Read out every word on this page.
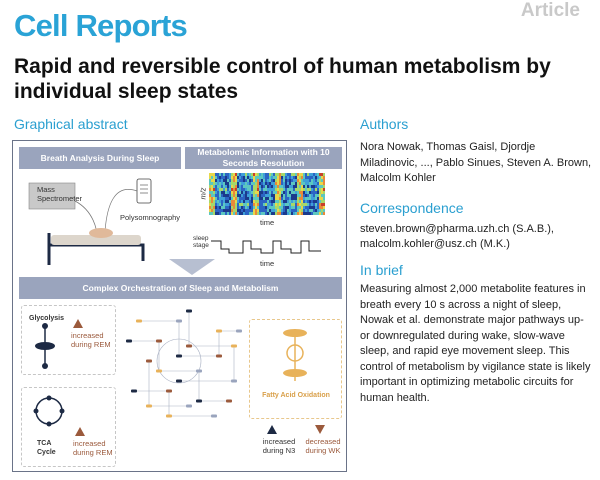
Cell Reports	Article
Rapid and reversible control of human metabolism by individual sleep states
Graphical abstract
Breath Analysis During Sleep
Metabolomic Information with 10 Seconds Resolution
Mass Spectrometer
Polysomnography
m/z
time
sleep stage
time
Complex Orchestration of Sleep and Metabolism
Glycolysis
increased during REM
TCA Cycle
increased during REM
Fatty Acid Oxidation
increased during N3
decreased during WK
Authors
Nora Nowak, Thomas Gaisl, Djordje Miladinovic, ..., Pablo Sinues, Steven A. Brown, Malcolm Kohler
Correspondence
steven.brown@pharma.uzh.ch (S.A.B.),
malcolm.kohler@usz.ch (M.K.)
In brief
Measuring almost 2,000 metabolite features in breath every 10 s across a night of sleep, Nowak et al. demonstrate major pathways up- or downregulated during wake, slow-wave sleep, and rapid eye movement sleep. This control of metabolism by vigilance state is likely important in optimizing metabolic circuits for human health.
